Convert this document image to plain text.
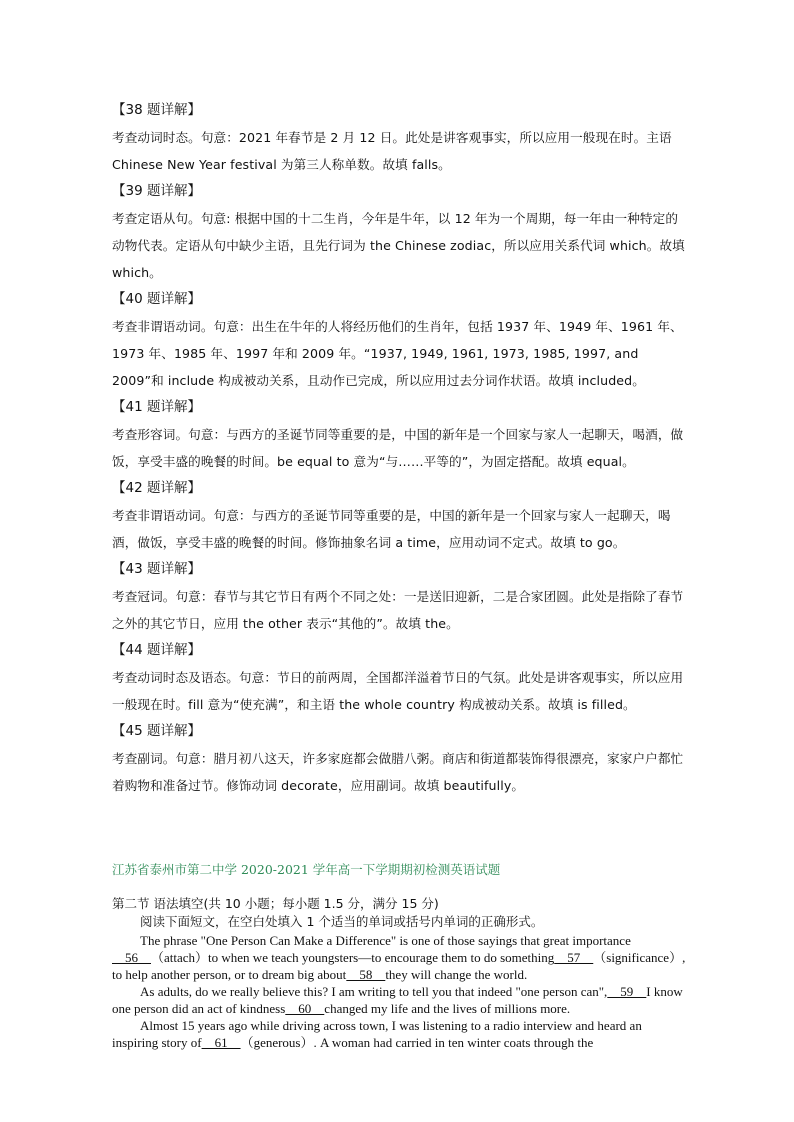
【38 题详解】
考查动词时态。句意：2021 年春节是 2 月 12 日。此处是讲客观事实，所以应用一般现在时。主语 Chinese New Year festival 为第三人称单数。故填 falls。
【39 题详解】
考查定语从句。句意: 根据中国的十二生肖，今年是牛年，以 12 年为一个周期，每一年由一种特定的动物代表。定语从句中缺少主语，且先行词为 the Chinese zodiac，所以应用关系代词 which。故填 which。
【40 题详解】
考查非谓语动词。句意：出生在牛年的人将经历他们的生肖年，包括 1937 年、1949 年、1961 年、1973 年、1985 年、1997 年和 2009 年。“1937, 1949, 1961, 1973, 1985, 1997, and 2009”和 include 构成被动关系，且动作已完成，所以应用过去分词作状语。故填 included。
【41 题详解】
考查形容词。句意：与西方的圣诞节同等重要的是，中国的新年是一个回家与家人一起聊天，喝酒，做饭，享受丰盛的晚餐的时间。be equal to 意为“与……平等的”，为固定搭配。故填 equal。
【42 题详解】
考查非谓语动词。句意：与西方的圣诞节同等重要的是，中国的新年是一个回家与家人一起聊天，喝酒，做饭，享受丰盛的晚餐的时间。修饰抽象名词 a time，应用动词不定式。故填 to go。
【43 题详解】
考查冠词。句意：春节与其它节日有两个不同之处：一是送旧迎新，二是合家团圆。此处是指除了春节之外的其它节日，应用 the other 表示“其他的”。故填 the。
【44 题详解】
考查动词时态及语态。句意：节日的前两周，全国都洋溢着节日的气氛。此处是讲客观事实，所以应用一般现在时。fill 意为“使充满”，和主语 the whole country 构成被动关系。故填 is filled。
【45 题详解】
考查副词。句意：腊月初八这天，许多家庭都会做腊八粥。商店和街道都装饰得很漂亮，家家户户都忙着购物和准备过节。修饰动词 decorate，应用副词。故填 beautifully。
江苏省泰州市第二中学 2020-2021 学年高一下学期期初检测英语试题
第二节 语法填空(共 10 小题；每小题 1.5 分，满分 15 分)
阅读下面短文，在空白处填入 1 个适当的单词或括号内单词的正确形式。
The phrase "One Person Can Make a Difference" is one of those sayings that great importance    56    （attach）to when we teach youngsters—to encourage them to do something    57    （significance）, to help another person, or to dream big about    58    they will change the world.
As adults, do we really believe this? I am writing to tell you that indeed "one person can",    59    I know one person did an act of kindness    60    changed my life and the lives of millions more.
Almost 15 years ago while driving across town, I was listening to a radio interview and heard an inspiring story of    61    （generous）. A woman had carried in ten winter coats through the
